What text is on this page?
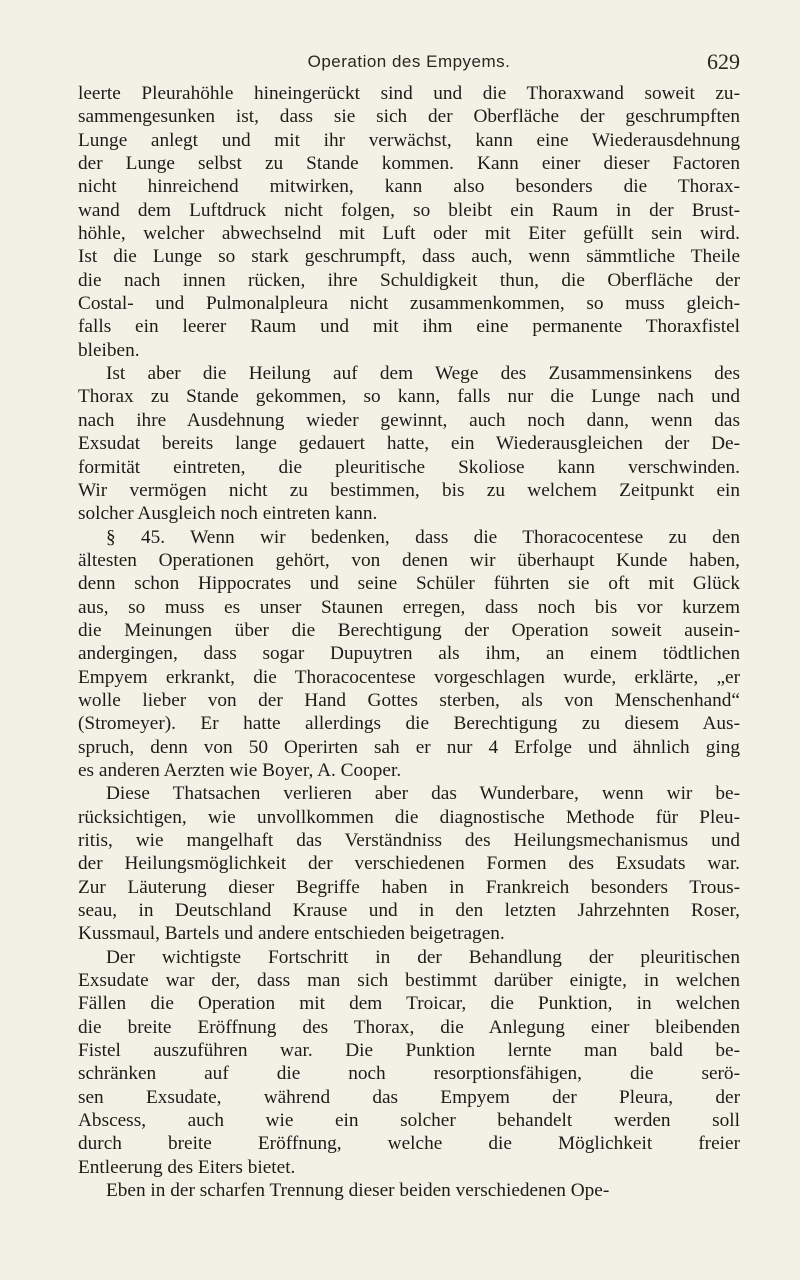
Operation des Empyems.	629
leerte Pleurahöhle hineingerückt sind und die Thoraxwand soweit zu-
sammengesunken ist, dass sie sich der Oberfläche der geschrumpften
Lunge anlegt und mit ihr verwächst, kann eine Wiederausdehnung
der Lunge selbst zu Stande kommen. Kann einer dieser Factoren
nicht hinreichend mitwirken, kann also besonders die Thorax-
wand dem Luftdruck nicht folgen, so bleibt ein Raum in der Brust-
höhle, welcher abwechselnd mit Luft oder mit Eiter gefüllt sein wird.
Ist die Lunge so stark geschrumpft, dass auch, wenn sämmtliche Theile
die nach innen rücken, ihre Schuldigkeit thun, die Oberfläche der
Costal- und Pulmonalpleura nicht zusammenkommen, so muss gleich-
falls ein leerer Raum und mit ihm eine permanente Thoraxfistel
bleiben.
Ist aber die Heilung auf dem Wege des Zusammensinkens des
Thorax zu Stande gekommen, so kann, falls nur die Lunge nach und
nach ihre Ausdehnung wieder gewinnt, auch noch dann, wenn das
Exsudat bereits lange gedauert hatte, ein Wiederausgleichen der De-
formität eintreten, die pleuritische Skoliose kann verschwinden.
Wir vermögen nicht zu bestimmen, bis zu welchem Zeitpunkt ein
solcher Ausgleich noch eintreten kann.
§ 45. Wenn wir bedenken, dass die Thoracocentese zu den
ältesten Operationen gehört, von denen wir überhaupt Kunde haben,
denn schon Hippocrates und seine Schüler führten sie oft mit Glück
aus, so muss es unser Staunen erregen, dass noch bis vor kurzem
die Meinungen über die Berechtigung der Operation soweit ausein-
andergingen, dass sogar Dupuytren als ihm, an einem tödtlichen
Empyem erkrankt, die Thoracocentese vorgeschlagen wurde, erklärte, „er
wolle lieber von der Hand Gottes sterben, als von Menschenhand“
(Stromeyer). Er hatte allerdings die Berechtigung zu diesem Aus-
spruch, denn von 50 Operirten sah er nur 4 Erfolge und ähnlich ging
es anderen Aerzten wie Boyer, A. Cooper.
Diese Thatsachen verlieren aber das Wunderbare, wenn wir be-
rücksichtigen, wie unvollkommen die diagnostische Methode für Pleu-
ritis, wie mangelhaft das Verständniss des Heilungsmechanismus und
der Heilungsmöglichkeit der verschiedenen Formen des Exsudats war.
Zur Läuterung dieser Begriffe haben in Frankreich besonders Trous-
seau, in Deutschland Krause und in den letzten Jahrzehnten Roser,
Kussmaul, Bartels und andere entschieden beigetragen.
Der wichtigste Fortschritt in der Behandlung der pleuritischen
Exsudate war der, dass man sich bestimmt darüber einigte, in welchen
Fällen die Operation mit dem Troicar, die Punktion, in welchen
die breite Eröffnung des Thorax, die Anlegung einer bleibenden
Fistel auszuführen war. Die Punktion lernte man bald be-
schränken auf die noch resorptionsfähigen, die serö-
sen Exsudate, während das Empyem der Pleura, der
Abscess, auch wie ein solcher behandelt werden soll
durch breite Eröffnung, welche die Möglichkeit freier
Entleerung des Eiters bietet.
Eben in der scharfen Trennung dieser beiden verschiedenen Ope-
